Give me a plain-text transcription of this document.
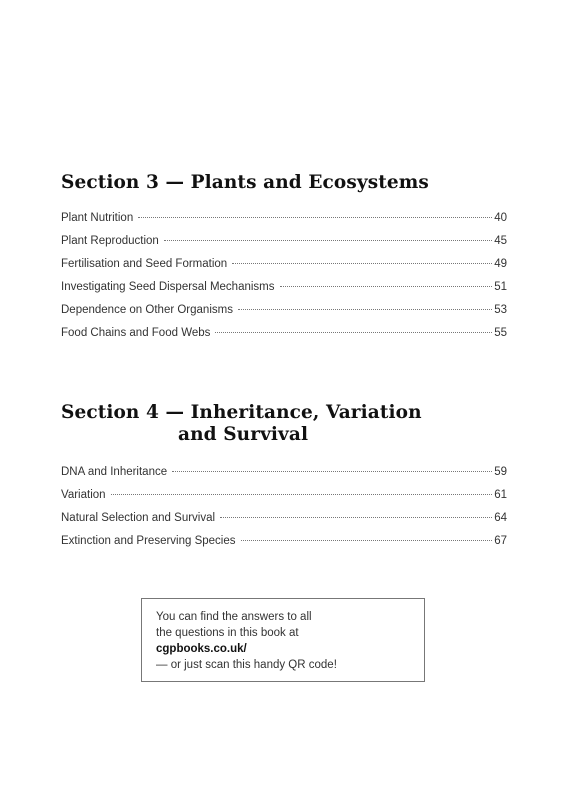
Section 3 — Plants and Ecosystems
Plant Nutrition	40
Plant Reproduction	45
Fertilisation and Seed Formation	49
Investigating Seed Dispersal Mechanisms	51
Dependence on Other Organisms	53
Food Chains and Food Webs	55
Section 4 — Inheritance, Variation
and Survival
DNA and Inheritance	59
Variation	61
Natural Selection and Survival	64
Extinction and Preserving Species	67
You can find the answers to all
the questions in this book at
cgpbooks.co.uk/
— or just scan this handy QR code!
